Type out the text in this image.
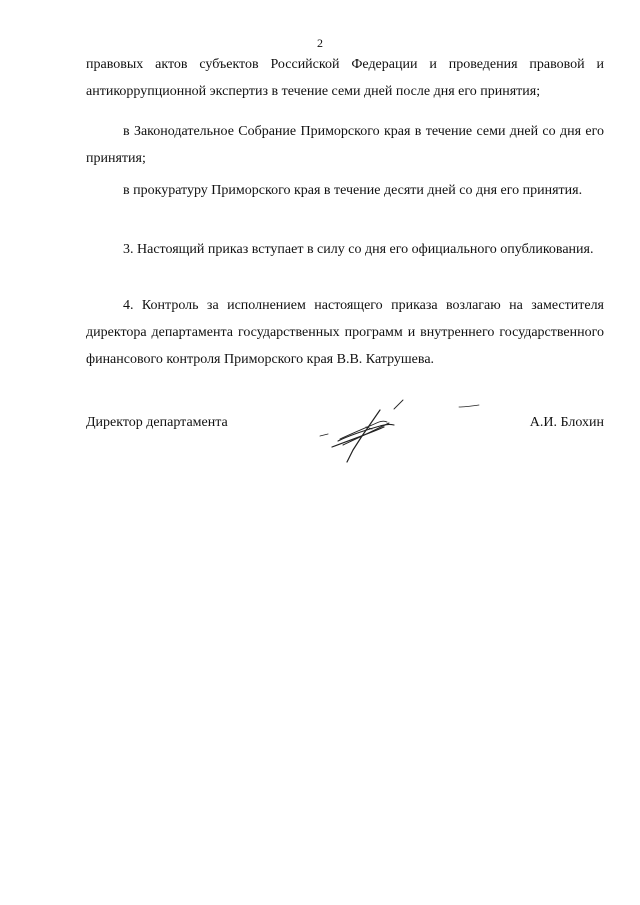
2

правовых актов субъектов Российской Федерации и проведения правовой и антикоррупционной экспертиз в течение семи дней после дня его принятия;

в Законодательное Собрание Приморского края в течение семи дней со дня его принятия;

в прокуратуру Приморского края в течение десяти дней со дня его принятия.

3. Настоящий приказ вступает в силу со дня его официального опубликования.

4. Контроль за исполнением настоящего приказа возлагаю на заместителя директора департамента государственных программ и внутреннего государственного финансового контроля Приморского края В.В. Катрушева.

Директор департамента	А.И. Блохин
